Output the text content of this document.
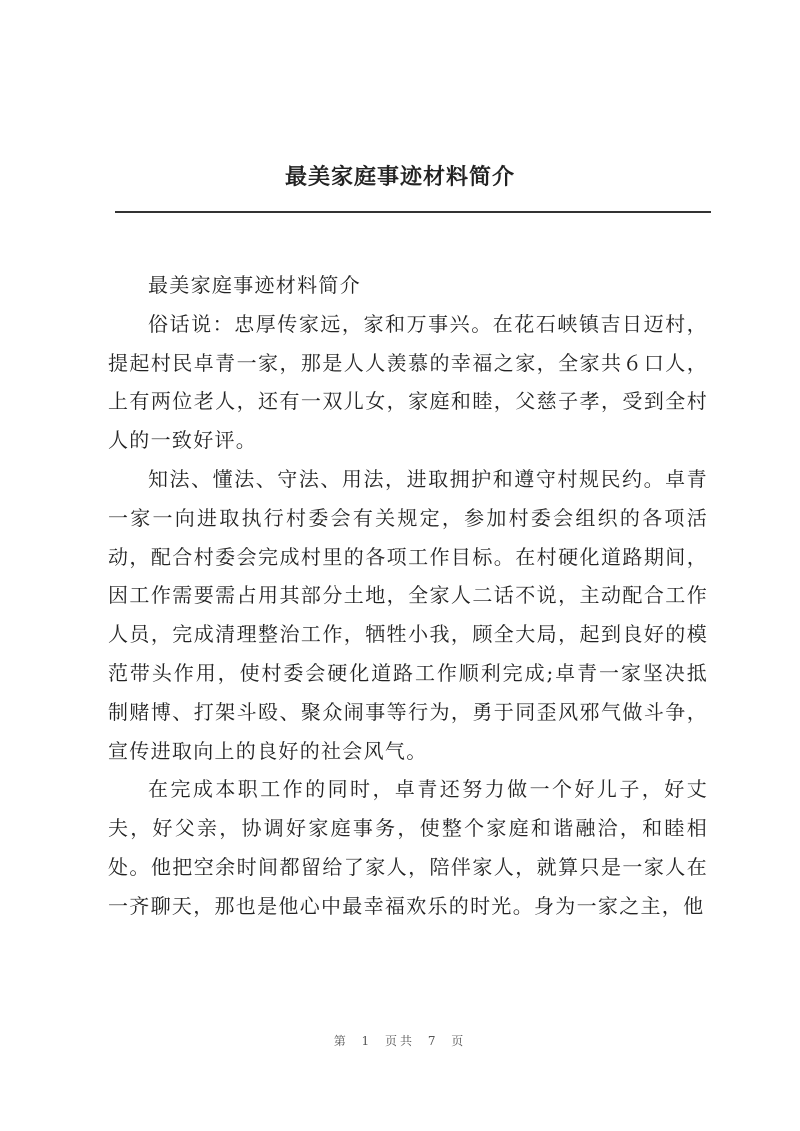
最美家庭事迹材料简介

最美家庭事迹材料简介

俗话说：忠厚传家远，家和万事兴。在花石峡镇吉日迈村，提起村民卓青一家，那是人人羡慕的幸福之家，全家共６口人，上有两位老人，还有一双儿女，家庭和睦，父慈子孝，受到全村人的一致好评。

知法、懂法、守法、用法，进取拥护和遵守村规民约。卓青一家一向进取执行村委会有关规定，参加村委会组织的各项活动，配合村委会完成村里的各项工作目标。在村硬化道路期间，因工作需要需占用其部分土地，全家人二话不说，主动配合工作人员，完成清理整治工作，牺牲小我，顾全大局，起到良好的模范带头作用，使村委会硬化道路工作顺利完成;卓青一家坚决抵制赌博、打架斗殴、聚众闹事等行为，勇于同歪风邪气做斗争，宣传进取向上的良好的社会风气。

在完成本职工作的同时，卓青还努力做一个好儿子，好丈夫，好父亲，协调好家庭事务，使整个家庭和谐融洽，和睦相处。他把空余时间都留给了家人，陪伴家人，就算只是一家人在一齐聊天，那也是他心中最幸福欢乐的时光。身为一家之主，他

第 1 页共 7 页
